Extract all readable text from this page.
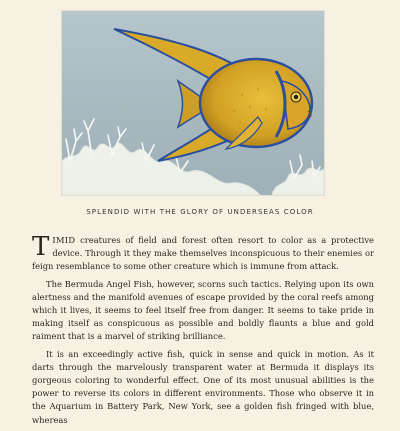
SPLENDID WITH THE GLORY OF UNDERSEAS COLOR

TIMID creatures of field and forest often resort to color as a protective device. Through it they make themselves inconspicuous to their enemies or feign resemblance to some other creature which is immune from attack.

The Bermuda Angel Fish, however, scorns such tactics. Relying upon its own alertness and the manifold avenues of escape provided by the coral reefs among which it lives, it seems to feel itself free from danger. It seems to take pride in making itself as conspicuous as possible and boldly flaunts a blue and gold raiment that is a marvel of striking brilliance.

It is an exceedingly active fish, quick in sense and quick in motion. As it darts through the marvelously transparent water at Bermuda it displays its gorgeous coloring to wonderful effect. One of its most unusual abilities is the power to reverse its colors in different environments. Those who observe it in the Aquarium in Battery Park, New York, see a golden fish fringed with blue, whereas
